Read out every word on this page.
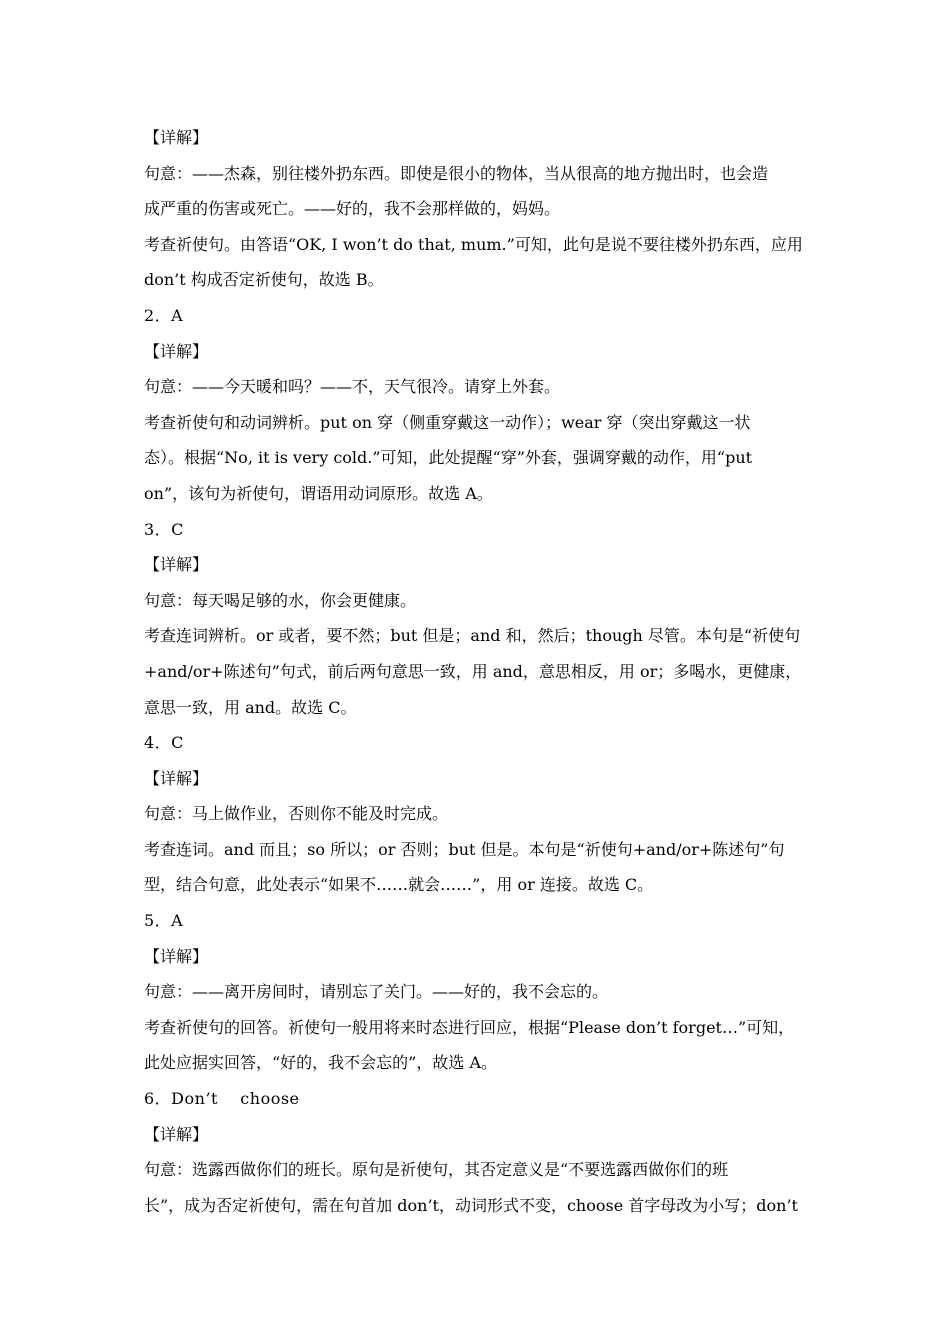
【详解】
句意：——杰森，别往楼外扔东西。即使是很小的物体，当从很高的地方抛出时，也会造
成严重的伤害或死亡。——好的，我不会那样做的，妈妈。
考查祈使句。由答语“OK, I won’t do that, mum.”可知，此句是说不要往楼外扔东西，应用
don’t 构成否定祈使句，故选 B。
2．A
【详解】
句意：——今天暖和吗？——不，天气很冷。请穿上外套。
考查祈使句和动词辨析。put on 穿（侧重穿戴这一动作）；wear 穿（突出穿戴这一状
态）。根据“No, it is very cold.”可知，此处提醒“穿”外套，强调穿戴的动作，用“put
on”，该句为祈使句，谓语用动词原形。故选 A。
3．C
【详解】
句意：每天喝足够的水，你会更健康。
考查连词辨析。or 或者，要不然；but 但是；and 和，然后；though 尽管。本句是“祈使句
+and/or+陈述句”句式，前后两句意思一致，用 and，意思相反，用 or；多喝水，更健康，
意思一致，用 and。故选 C。
4．C
【详解】
句意：马上做作业，否则你不能及时完成。
考查连词。and 而且；so 所以；or 否则；but 但是。本句是“祈使句+and/or+陈述句”句
型，结合句意，此处表示“如果不……就会……”，用 or 连接。故选 C。
5．A
【详解】
句意：——离开房间时，请别忘了关门。——好的，我不会忘的。
考查祈使句的回答。祈使句一般用将来时态进行回应，根据“Please don’t forget…”可知，
此处应据实回答，“好的，我不会忘的”，故选 A。
6．Don’t    choose
【详解】
句意：选露西做你们的班长。原句是祈使句，其否定意义是“不要选露西做你们的班
长”，成为否定祈使句，需在句首加 don’t，动词形式不变，choose 首字母改为小写；don’t
